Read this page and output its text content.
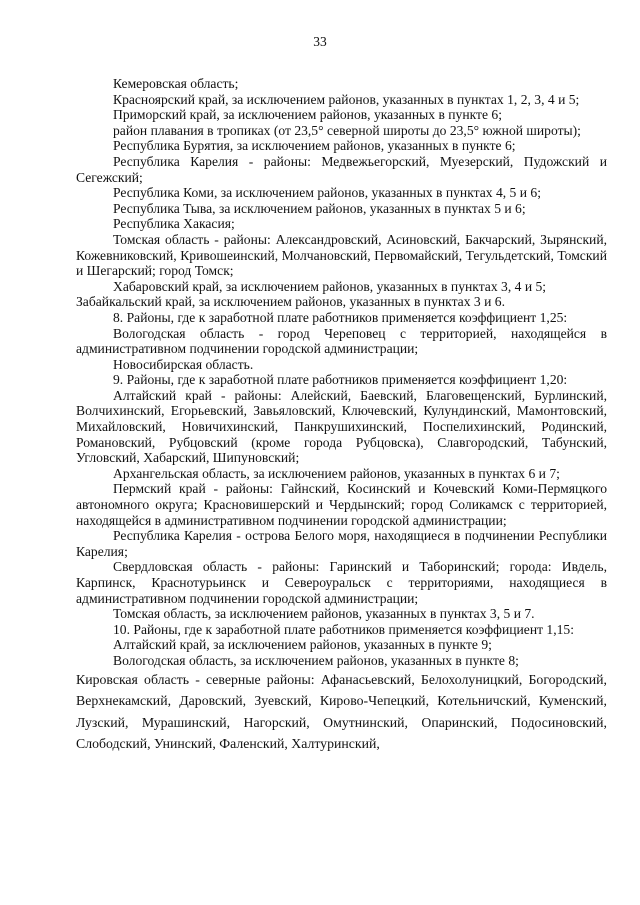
33

Кемеровская область;

Красноярский край, за исключением районов, указанных в пунктах 1, 2, 3, 4 и 5;

Приморский край, за исключением районов, указанных в пункте 6;

район плавания в тропиках (от 23,5° северной широты до 23,5° южной широты);

Республика Бурятия, за исключением районов, указанных в пункте 6;

Республика Карелия - районы: Медвежьегорский, Муезерский, Пудожский и Сегежский;

Республика Коми, за исключением районов, указанных в пунктах 4, 5 и 6;

Республика Тыва, за исключением районов, указанных в пунктах 5 и 6;

Республика Хакасия;

Томская область - районы: Александровский, Асиновский, Бакчарский, Зырянский, Кожевниковский, Кривошеинский, Молчановский, Первомайский, Тегульдетский, Томский и Шегарский; город Томск;

Хабаровский край, за исключением районов, указанных в пунктах 3, 4 и 5;

Забайкальский край, за исключением районов, указанных в пунктах 3 и 6.

8. Районы, где к заработной плате работников применяется коэффициент 1,25:

Вологодская область - город Череповец с территорией, находящейся в административном подчинении городской администрации;

Новосибирская область.

9. Районы, где к заработной плате работников применяется коэффициент 1,20:

Алтайский край - районы: Алейский, Баевский, Благовещенский, Бурлинский, Волчихинский, Егорьевский, Завьяловский, Ключевский, Кулундинский, Мамонтовский, Михайловский, Новичихинский, Панкрушихинский, Поспелихинский, Родинский, Романовский, Рубцовский (кроме города Рубцовска), Славгородский, Табунский, Угловский, Хабарский, Шипуновский;

Архангельская область, за исключением районов, указанных в пунктах 6 и 7;

Пермский край - районы: Гайнский, Косинский и Кочевский Коми-Пермяцкого автономного округа; Красновишерский и Чердынский; город Соликамск с территорией, находящейся в административном подчинении городской администрации;

Республика Карелия - острова Белого моря, находящиеся в подчинении Республики Карелия;

Свердловская область - районы: Гаринский и Таборинский; города: Ивдель, Карпинск, Краснотурьинск и Североуральск с территориями, находящиеся в административном подчинении городской администрации;

Томская область, за исключением районов, указанных в пунктах 3, 5 и 7.

10. Районы, где к заработной плате работников применяется коэффициент 1,15:

Алтайский край, за исключением районов, указанных в пункте 9;

Вологодская область, за исключением районов, указанных в пункте 8;

Кировская область - северные районы: Афанасьевский, Белохолуницкий, Богородский, Верхнекамский, Даровский, Зуевский, Кирово-Чепецкий, Котельничский, Куменский, Лузский, Мурашинский, Нагорский, Омутнинский, Опаринский, Подосиновский, Слободский, Унинский, Фаленский, Халтуринский,
